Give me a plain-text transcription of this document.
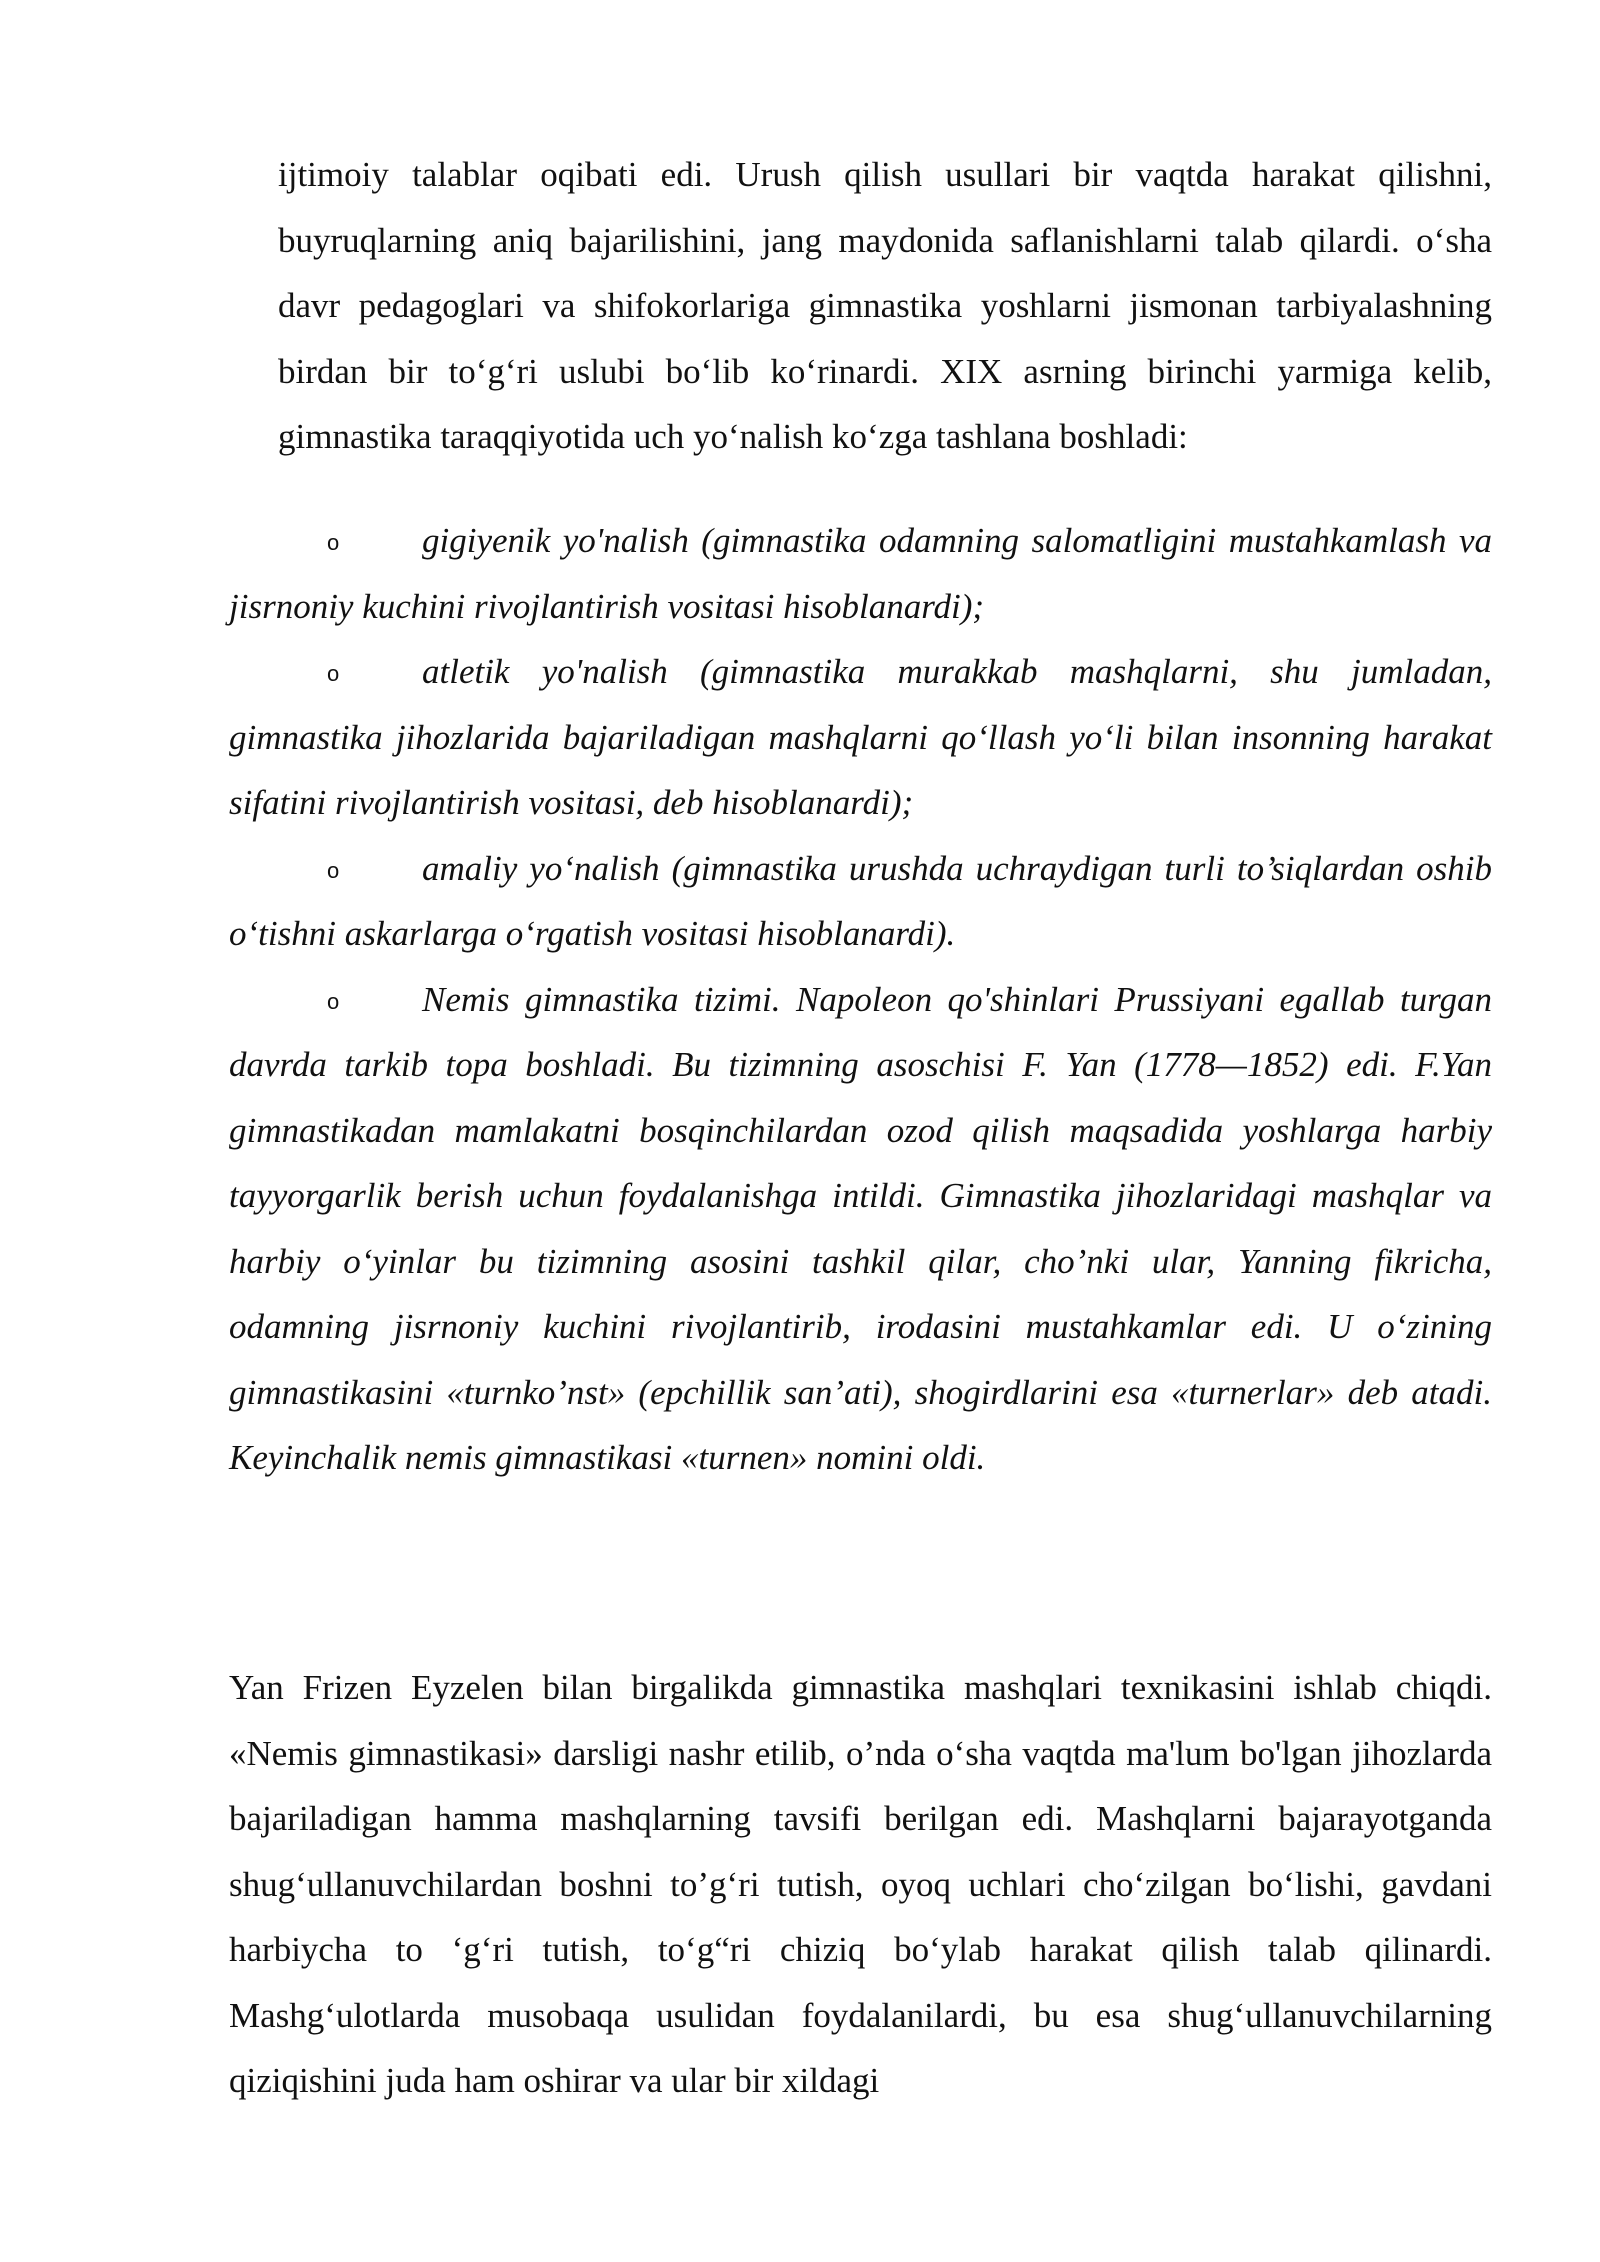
ijtimoiy talablar oqibati edi. Urush qilish usullari bir vaqtda harakat qilishni, buyruqlarning aniq bajarilishini, jang maydonida saflanishlarni talab qilardi. o‘sha davr pedagoglari va shifokorlariga gimnastika yoshlarni jismonan tarbiyalashning birdan bir to‘g‘ri uslubi bo‘lib ko‘rinardi. XIX asrning birinchi yarmiga kelib, gimnastika taraqqiyotida uch yo‘nalish ko‘zga tashlana boshladi:

o gigiyenik yo'nalish (gimnastika odamning salomatligini mustahkamlash va jisrnoniy kuchini rivojlantirish vositasi hisoblanardi);
o atletik yo'nalish (gimnastika murakkab mashqlarni, shu jumladan, gimnastika jihozlarida bajariladigan mashqlarni qo‘llash yo‘li bilan insonning harakat sifatini rivojlantirish vositasi, deb hisoblanardi);
o amaliy yo‘nalish (gimnastika urushda uchraydigan turli to’siqlardan oshib o‘tishni askarlarga o‘rgatish vositasi hisoblanardi).
o Nemis gimnastika tizimi. Napoleon qo'shinlari Prussiyani egallab turgan davrda tarkib topa boshladi. Bu tizimning asoschisi F. Yan (1778—1852) edi. F.Yan gimnastikadan mamlakatni bosqinchilardan ozod qilish maqsadida yoshlarga harbiy tayyorgarlik berish uchun foydalanishga intildi. Gimnastika jihozlaridagi mashqlar va harbiy o‘yinlar bu tizimning asosini tashkil qilar, cho’nki ular, Yanning fikricha, odamning jisrnoniy kuchini rivojlantirib, irodasini mustahkamlar edi. U o‘zining gimnastikasini «turnko’nst» (epchillik san’ati), shogirdlarini esa «turnerlar» deb atadi. Keyinchalik nemis gimnastikasi «turnen» nomini oldi.

Yan Frizen Eyzelen bilan birgalikda gimnastika mashqlari texnikasini ishlab chiqdi. «Nemis gimnastikasi» darsligi nashr etilib, o’nda o‘sha vaqtda ma'lum bo'lgan jihozlarda bajariladigan hamma mashqlarning tavsifi berilgan edi. Mashqlarni bajarayotganda shug‘ullanuvchilardan boshni to’g‘ri tutish, oyoq uchlari cho‘zilgan bo‘lishi, gavdani harbiycha to ‘g‘ri tutish, to‘g“ri chiziq bo‘ylab harakat qilish talab qilinardi. Mashg‘ulotlarda musobaqa usulidan foydalanilardi, bu esa shug‘ullanuvchilarning qiziqishini juda ham oshirar va ular bir xildagi
